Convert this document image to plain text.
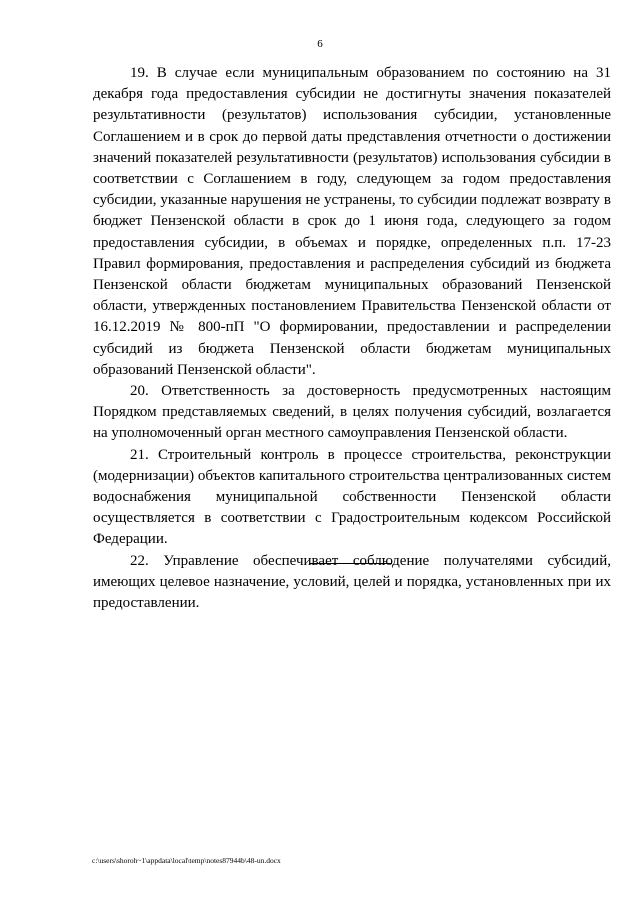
6

19. В случае если муниципальным образованием по состоянию на 31 декабря года предоставления субсидии не достигнуты значения показателей результативности (результатов) использования субсидии, установленные Соглашением и в срок до первой даты представления отчетности о достижении значений показателей результативности (результатов) использования субсидии в соответствии с Соглашением в году, следующем за годом предоставления субсидии, указанные нарушения не устранены, то субсидии подлежат возврату в бюджет Пензенской области в срок до 1 июня года, следующего за годом предоставления субсидии, в объемах и порядке, определенных п.п. 17-23 Правил формирования, предоставления и распределения субсидий из бюджета Пензенской области бюджетам муниципальных образований Пензенской области, утвержденных постановлением Правительства Пензенской области от 16.12.2019 № 800-пП "О формировании, предоставлении и распределении субсидий из бюджета Пензенской области бюджетам муниципальных образований Пензенской области".

20. Ответственность за достоверность предусмотренных настоящим Порядком представляемых сведений, в целях получения субсидий, возлагается на уполномоченный орган местного самоуправления Пензенской области.

21. Строительный контроль в процессе строительства, реконструкции (модернизации) объектов капитального строительства централизованных систем водоснабжения муниципальной собственности Пензенской области осуществляется в соответствии с Градостроительным кодексом Российской Федерации.

22. Управление обеспечивает соблюдение получателями субсидий, имеющих целевое назначение, условий, целей и порядка, установленных при их предоставлении.

c:\users\shoroh~1\appdata\local\temp\notes87944b\48-un.docx
